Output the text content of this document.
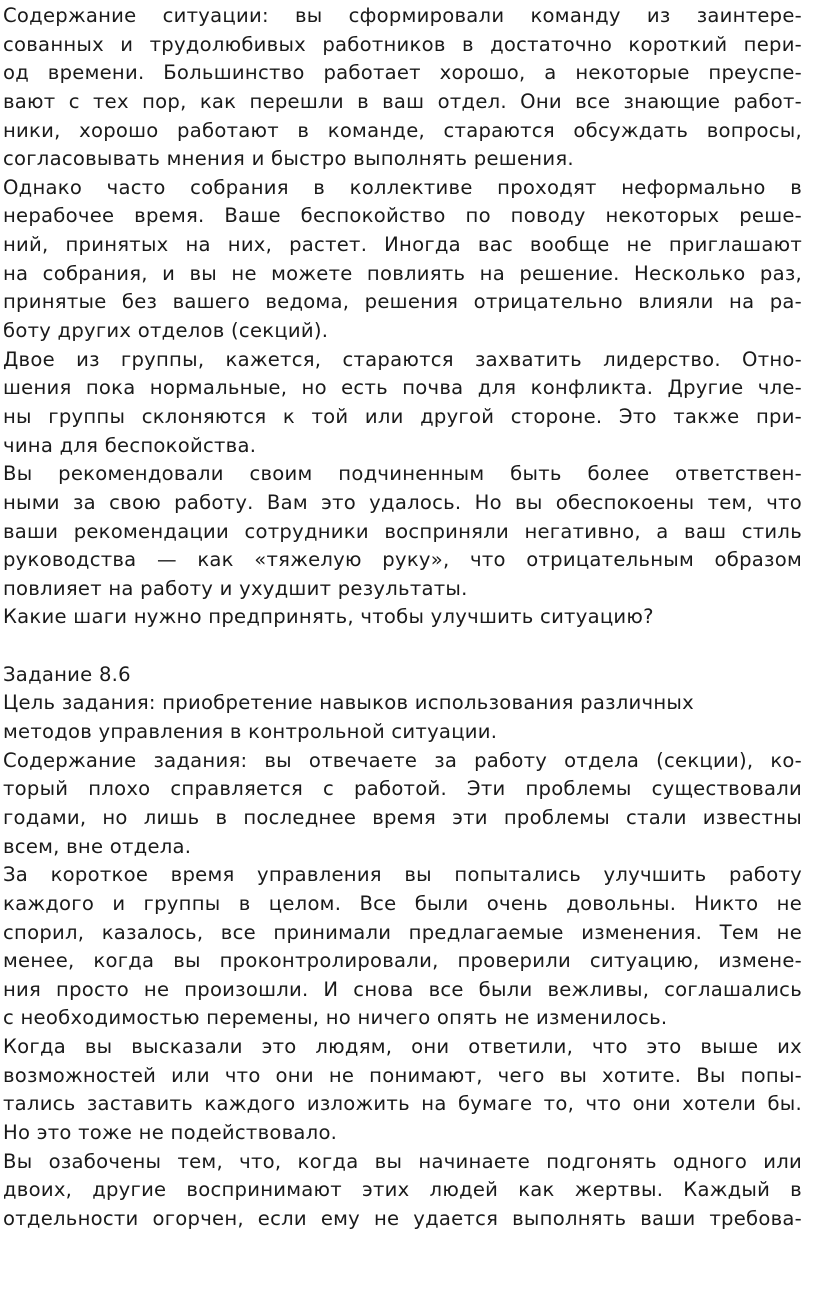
Содержание ситуации: вы сформировали команду из заинтере-
сованных и трудолюбивых работников в достаточно короткий пери-
од времени. Большинство работает хорошо, а некоторые преуспе-
вают с тех пор, как перешли в ваш отдел. Они все знающие работ-
ники, хорошо работают в команде, стараются обсуждать вопросы,
согласовывать мнения и быстро выполнять решения.
Однако часто собрания в коллективе проходят неформально в
нерабочее время. Ваше беспокойство по поводу некоторых реше-
ний, принятых на них, растет. Иногда вас вообще не приглашают
на собрания, и вы не можете повлиять на решение. Несколько раз,
принятые без вашего ведома, решения отрицательно влияли на ра-
боту других отделов (секций).
Двое из группы, кажется, стараются захватить лидерство. Отно-
шения пока нормальные, но есть почва для конфликта. Другие чле-
ны группы склоняются к той или другой стороне. Это также при-
чина для беспокойства.
Вы рекомендовали своим подчиненным быть более ответствен-
ными за свою работу. Вам это удалось. Но вы обеспокоены тем, что
ваши рекомендации сотрудники восприняли негативно, а ваш стиль
руководства — как «тяжелую руку», что отрицательным образом
повлияет на работу и ухудшит результаты.
Какие шаги нужно предпринять, чтобы улучшить ситуацию?
Задание 8.6
Цель задания: приобретение навыков использования различных
методов управления в контрольной ситуации.
Содержание задания: вы отвечаете за работу отдела (секции), ко-
торый плохо справляется с работой. Эти проблемы существовали
годами, но лишь в последнее время эти проблемы стали известны
всем, вне отдела.
За короткое время управления вы попытались улучшить работу
каждого и группы в целом. Все были очень довольны. Никто не
спорил, казалось, все принимали предлагаемые изменения. Тем не
менее, когда вы проконтролировали, проверили ситуацию, измене-
ния просто не произошли. И снова все были вежливы, соглашались
с необходимостью перемены, но ничего опять не изменилось.
Когда вы высказали это людям, они ответили, что это выше их
возможностей или что они не понимают, чего вы хотите. Вы попы-
тались заставить каждого изложить на бумаге то, что они хотели бы.
Но это тоже не подействовало.
Вы озабочены тем, что, когда вы начинаете подгонять одного или
двоих, другие воспринимают этих людей как жертвы. Каждый в
отдельности огорчен, если ему не удается выполнять ваши требова-
